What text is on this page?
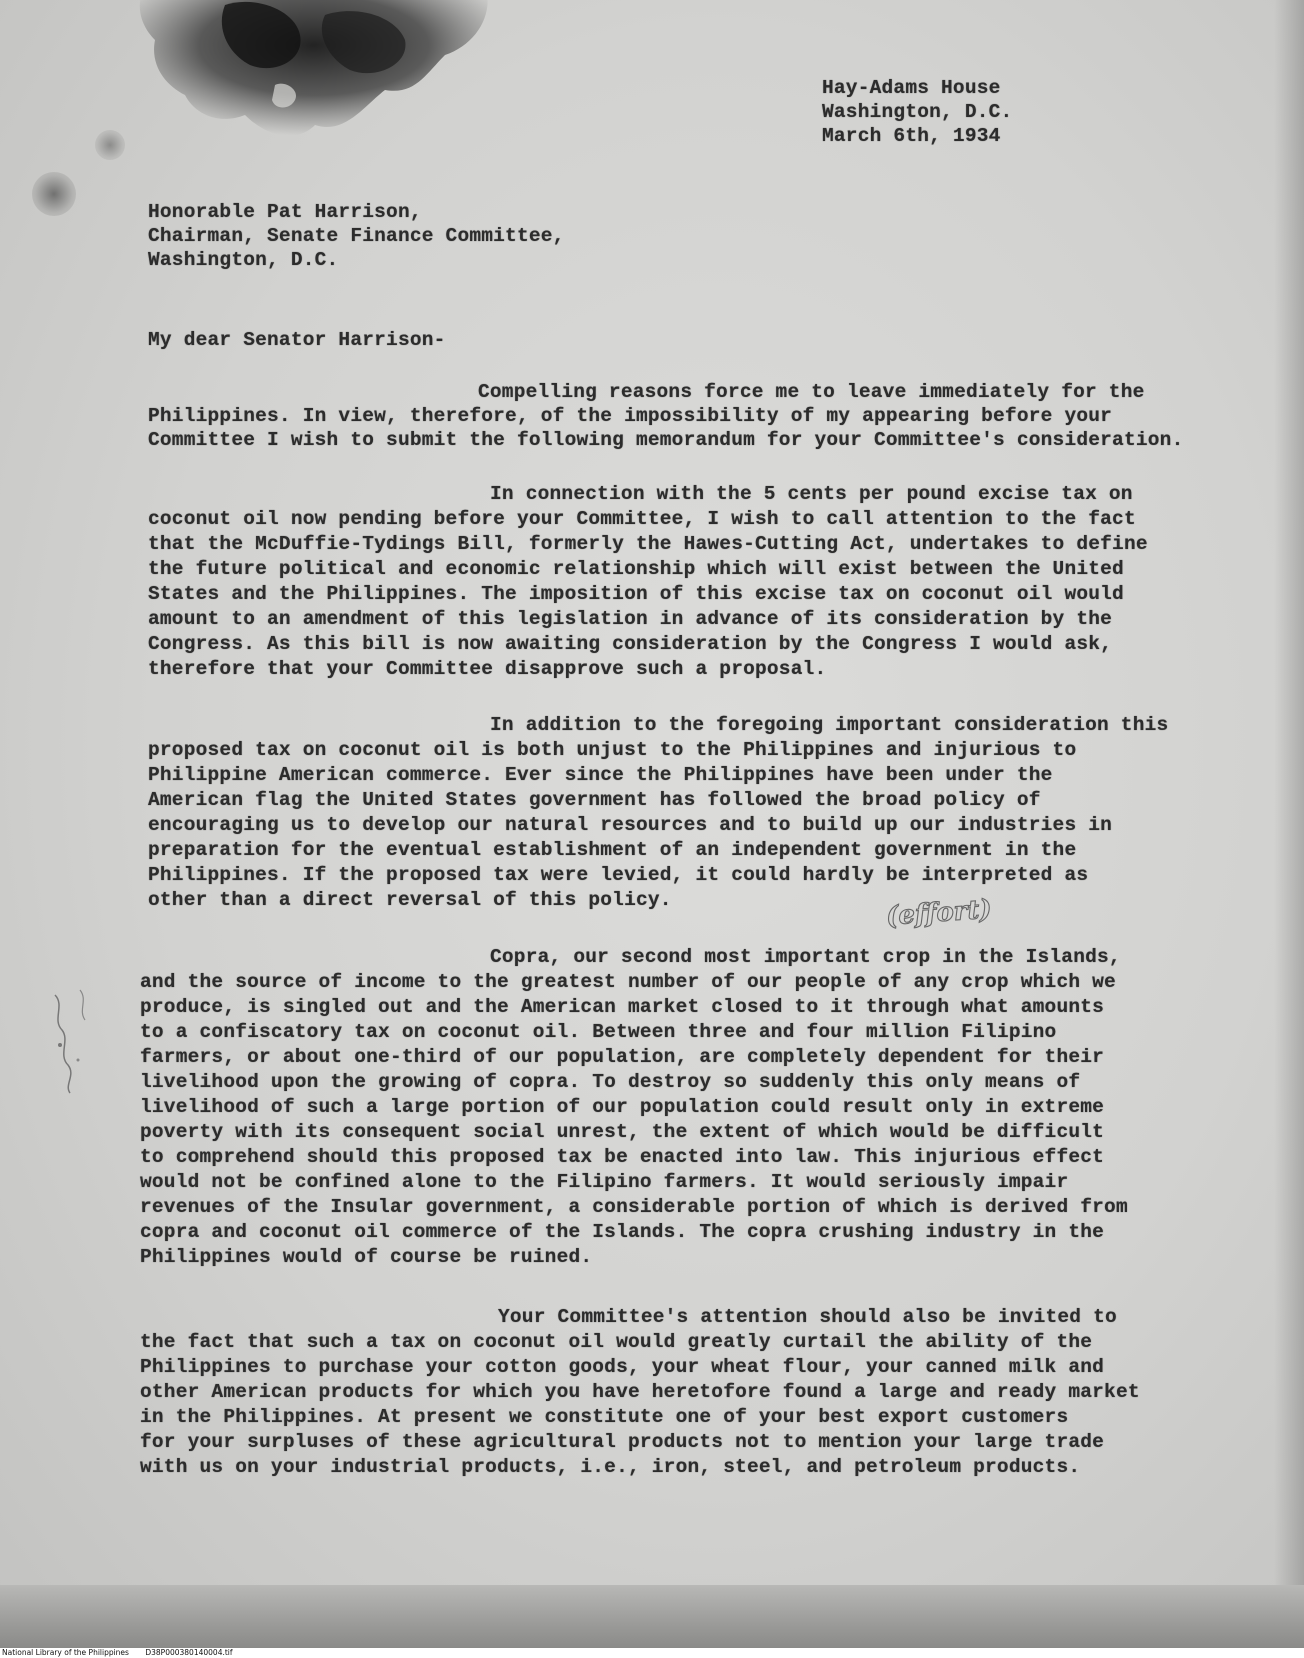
Hay-Adams House
Washington, D.C.
March 6th, 1934
Honorable Pat Harrison,
Chairman, Senate Finance Committee,
Washington, D.C.
My dear Senator Harrison-
Compelling reasons force me to leave immediately for the
Philippines. In view, therefore, of the impossibility of my appearing before your
Committee I wish to submit the following memorandum for your Committee's consideration.
In connection with the 5 cents per pound excise tax on
coconut oil now pending before your Committee, I wish to call attention to the fact
that the McDuffie-Tydings Bill, formerly the Hawes-Cutting Act, undertakes to define
the future political and economic relationship which will exist between the United
States and the Philippines. The imposition of this excise tax on coconut oil would
amount to an amendment of this legislation in advance of its consideration by the
Congress. As this bill is now awaiting consideration by the Congress I would ask,
therefore that your Committee disapprove such a proposal.
In addition to the foregoing important consideration this
proposed tax on coconut oil is both unjust to the Philippines and injurious to
Philippine American commerce. Ever since the Philippines have been under the
American flag the United States government has followed the broad policy of
encouraging us to develop our natural resources and to build up our industries in
preparation for the eventual establishment of an independent government in the
Philippines. If the proposed tax were levied, it could hardly be interpreted as
other than a direct reversal of this policy.	(effort)
Copra, our second most important crop in the Islands,
and the source of income to the greatest number of our people of any crop which we
produce, is singled out and the American market closed to it through what amounts
to a confiscatory tax on coconut oil. Between three and four million Filipino
farmers, or about one-third of our population, are completely dependent for their
livelihood upon the growing of copra. To destroy so suddenly this only means of
livelihood of such a large portion of our population could result only in extreme
poverty with its consequent social unrest, the extent of which would be difficult
to comprehend should this proposed tax be enacted into law. This injurious effect
would not be confined alone to the Filipino farmers. It would seriously impair
revenues of the Insular government, a considerable portion of which is derived from
copra and coconut oil commerce of the Islands. The copra crushing industry in the
Philippines would of course be ruined.
Your Committee's attention should also be invited to
the fact that such a tax on coconut oil would greatly curtail the ability of the
Philippines to purchase your cotton goods, your wheat flour, your canned milk and
other American products for which you have heretofore found a large and ready market
in the Philippines. At present we constitute one of your best export customers
for your surpluses of these agricultural products not to mention your large trade
with us on your industrial products, i.e., iron, steel, and petroleum products.
National Library of the Philippines D38P000380140004.tif
